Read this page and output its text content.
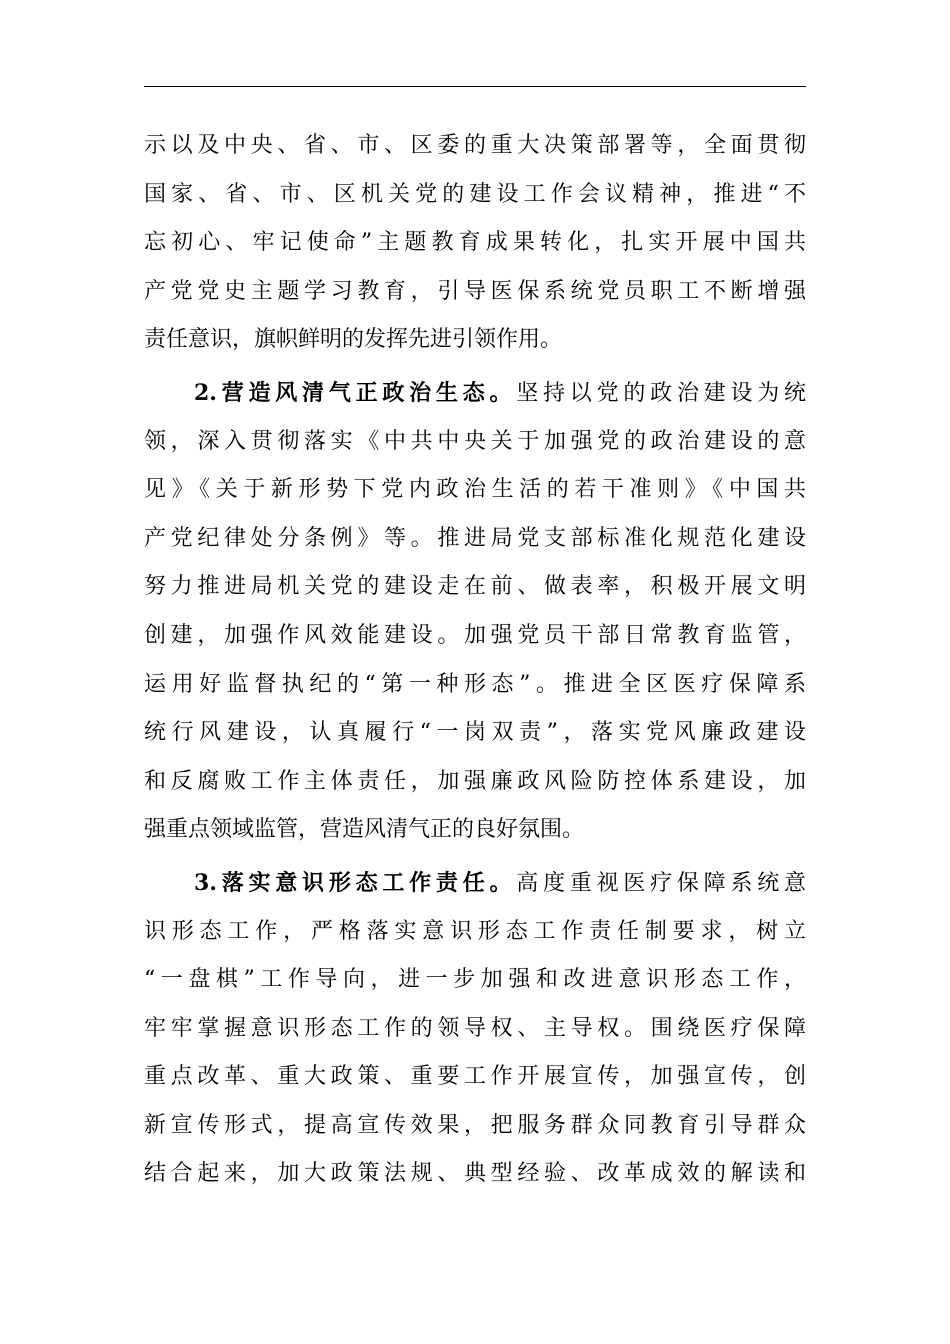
示以及中央、省、市、区委的重大决策部署等，全面贯彻
国家、省、市、区机关党的建设工作会议精神，推进“不
忘初心、牢记使命”主题教育成果转化，扎实开展中国共
产党党史主题学习教育，引导医保系统党员职工不断增强
责任意识，旗帜鲜明的发挥先进引领作用。
2.营造风清气正政治生态。坚持以党的政治建设为统
领，深入贯彻落实《中共中央关于加强党的政治建设的意
见》《关于新形势下党内政治生活的若干准则》《中国共
产党纪律处分条例》等。推进局党支部标准化规范化建设
努力推进局机关党的建设走在前、做表率，积极开展文明
创建，加强作风效能建设。加强党员干部日常教育监管，
运用好监督执纪的“第一种形态”。推进全区医疗保障系
统行风建设，认真履行“一岗双责”，落实党风廉政建设
和反腐败工作主体责任，加强廉政风险防控体系建设，加
强重点领域监管，营造风清气正的良好氛围。
3.落实意识形态工作责任。高度重视医疗保障系统意
识形态工作，严格落实意识形态工作责任制要求，树立
“一盘棋”工作导向，进一步加强和改进意识形态工作，
牢牢掌握意识形态工作的领导权、主导权。围绕医疗保障
重点改革、重大政策、重要工作开展宣传，加强宣传，创
新宣传形式，提高宣传效果，把服务群众同教育引导群众
结合起来，加大政策法规、典型经验、改革成效的解读和
